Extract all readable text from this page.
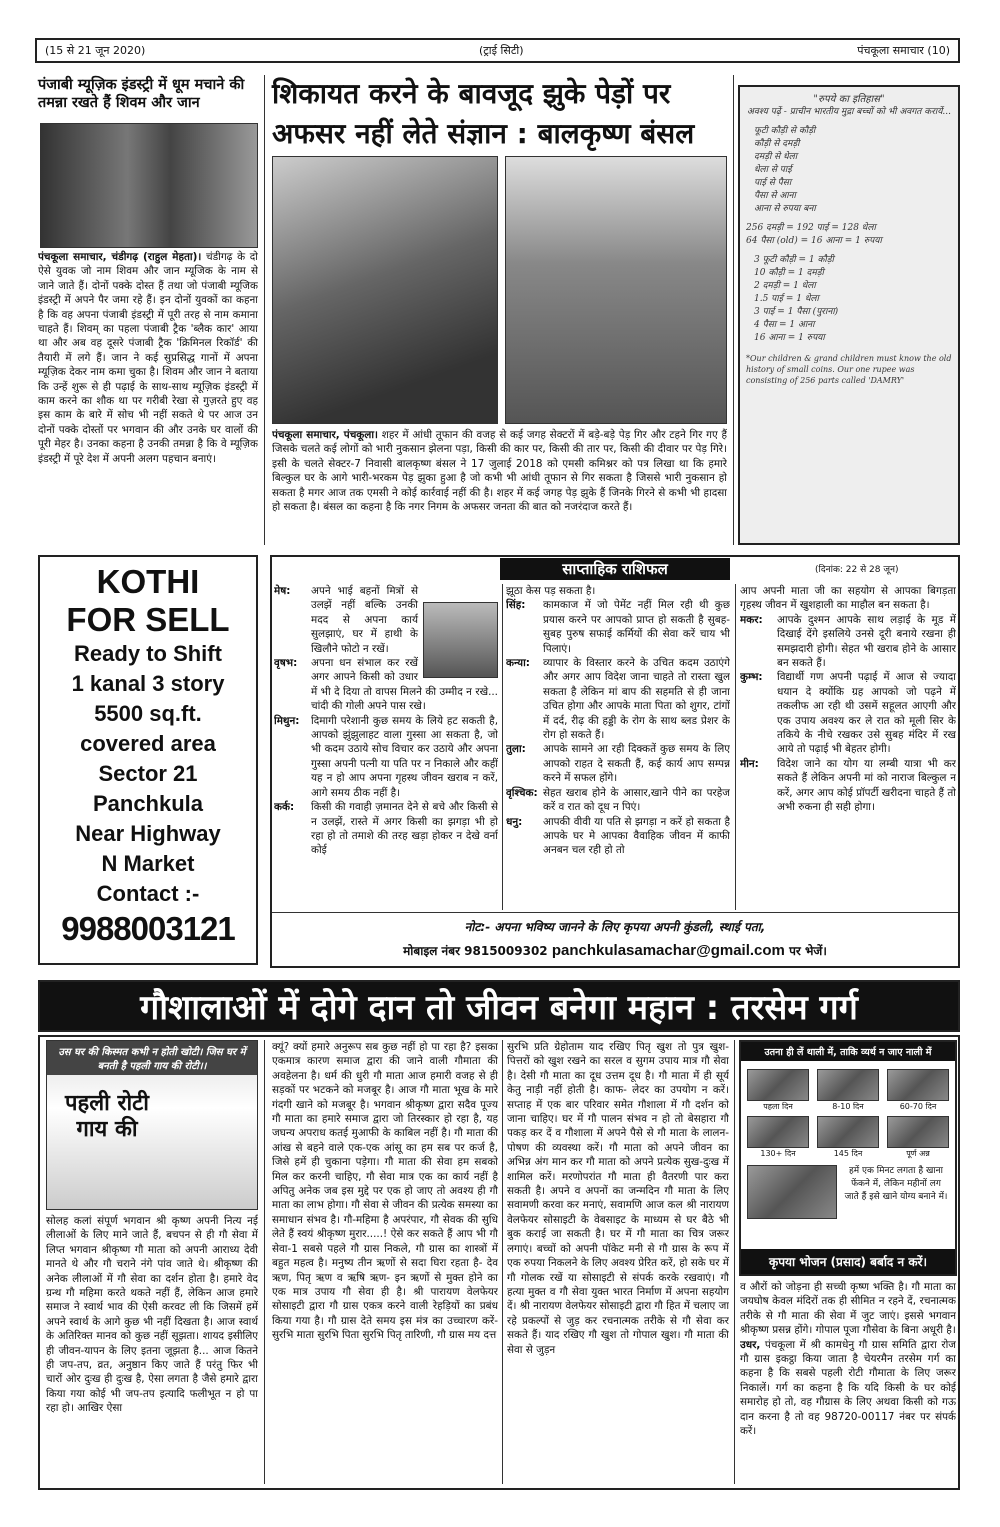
(15 से 21 जून 2020)	(ट्राई सिटी)	पंचकूला समाचार (10)
पंजाबी म्यूज़िक इंडस्ट्री में धूम मचाने की तमन्ना रखते हैं शिवम और जान
पंचकूला समाचार, चंडीगढ़ (राहुल मेहता)। चंडीगढ़ के दो ऐसे युवक जो नाम शिवम और जान म्यूजिक के नाम से जाने जाते हैं। दोनों पक्के दोस्त हैं तथा जो पंजाबी म्यूजिक इंडस्ट्री में अपने पैर जमा रहे हैं। इन दोनों युवकों का कहना है कि वह अपना पंजाबी इंडस्ट्री में पूरी तरह से नाम कमाना चाहते हैं। शिवम् का पहला पंजाबी ट्रैक 'ब्लैक कार' आया था और अब वह दूसरे पंजाबी ट्रैक 'क्रिमिनल रिकॉर्ड' की तैयारी में लगे हैं। जान ने कई सुप्रसिद्ध गानों में अपना म्यूज़िक देकर नाम कमा चुका है। शिवम और जान ने बताया कि उन्हें शुरू से ही पढ़ाई के साथ-साथ म्यूज़िक इंडस्ट्री में काम करने का शौक था पर गरीबी रेखा से गुज़रते हुए वह इस काम के बारे में सोच भी नहीं सकते थे पर आज उन दोनों पक्के दोस्तों पर भगवान की और उनके घर वालों की पूरी मेहर है। उनका कहना है उनकी तमन्ना है कि वे म्यूज़िक इंडस्ट्री में पूरे देश में अपनी अलग पहचान बनाएं।
शिकायत करने के बावजूद झुके पेड़ों पर अफसर नहीं लेते संज्ञान : बालकृष्ण बंसल
पंचकूला समाचार, पंचकूला। शहर में आंधी तूफान की वजह से कई जगह सेक्टरों में बड़े-बड़े पेड़ गिर और टहने गिर गए हैं जिसके चलते कई लोगों को भारी नुकसान झेलना पड़ा, किसी की कार पर, किसी की तार पर, किसी की दीवार पर पेड़ गिरे। इसी के चलते सेक्टर-7 निवासी बालकृष्ण बंसल ने 17 जुलाई 2018 को एमसी कमिश्नर को पत्र लिखा था कि हमारे बिल्कुल घर के आगे भारी-भरकम पेड़ झुका हुआ है जो कभी भी आंधी तूफान से गिर सकता है जिससे भारी नुकसान हो सकता है मगर आज तक एमसी ने कोई कार्रवाई नहीं की है। शहर में कई जगह पेड़ झुके हैं जिनके गिरने से कभी भी हादसा हो सकता है। बंसल का कहना है कि नगर निगम के अफसर जनता की बात को नजरंदाज करते हैं।
"रुपये का इतिहास"
अवश्य पढ़ें - प्राचीन भारतीय मुद्रा बच्चों को भी अवगत करायें...
फूटी कौड़ी से कौड़ी
कौड़ी से दमड़ी
दमड़ी से धेला
धेला से पाई
पाई से पैसा
पैसा से आना
आना से रुपया बना
256 दमड़ी = 192 पाई = 128 धेला
64 पैसा (old) = 16 आना = 1 रुपया
3 फूटी कौड़ी = 1 कौड़ी
10 कौड़ी = 1 दमड़ी
2 दमड़ी = 1 धेला
1.5 पाई = 1 धेला
3 पाई = 1 पैसा (पुराना)
4 पैसा = 1 आना
16 आना = 1 रुपया
*Our children & grand children must know the old history of small coins. Our one rupee was consisting of 256 parts called 'DAMRY'
KOTHI
FOR SELL
Ready to Shift
1 kanal 3 story
5500 sq.ft.
covered area
Sector 21
Panchkula
Near Highway
N Market
Contact :-
9988003121
साप्ताहिक राशिफल	(दिनांक: 22 से 28 जून)
मेष: अपने भाई बहनों मित्रों से उलझें नहीं बल्कि उनकी मदद से अपना कार्य सुलझाएं, घर में हाथी के खिलौने फोटो न रखें।
वृषभ: अपना धन संभाल कर रखें अगर आपने किसी को उधार में भी दे दिया तो वापस मिलने की उम्मीद न रखे... चांदी की गोली अपने पास रखे।
मिथुन: दिमागी परेशानी कुछ समय के लिये हट सकती है, आपको झुंझुलाहट वाला गुस्सा आ सकता है, जो भी कदम उठाये सोच विचार कर उठाये और अपना गुस्सा अपनी पत्नी या पति पर न निकाले और कहीं यह न हो आप अपना गृहस्थ जीवन खराब न करें, आगे समय ठीक नहीं है।
कर्क: किसी की गवाही ज़मानत देने से बचे और किसी से न उलझें, रास्ते में अगर किसी का झगड़ा भी हो रहा हो तो तमाशे की तरह खड़ा होकर न देखे वर्ना कोई
झूठा केस पड़ सकता है।
सिंह: कामकाज में जो पेमेंट नहीं मिल रही थी कुछ प्रयास करने पर आपको प्राप्त हो सकती है सुबह-सुबह पुरुष सफाई कर्मियों की सेवा करें चाय भी पिलाएं।
कन्या: व्यापार के विस्तार करने के उचित कदम उठाएंगे और अगर आप विदेश जाना चाहते तो रास्ता खुल सकता है लेकिन मां बाप की सहमति से ही जाना उचित होगा और आपके माता पिता को शुगर, टांगों में दर्द, रीढ़ की हड्डी के रोग के साथ ब्लड प्रेशर के रोग हो सकते हैं।
तुला: आपके सामने आ रही दिक्कतें कुछ समय के लिए आपको राहत दे सकती हैं, कई कार्य आप सम्पन्न करने में सफल होंगे।
वृश्चिक: सेहत खराब होने के आसार,खाने पीने का परहेज करें व रात को दूध न पिएं।
धनु: आपकी वीवी या पति से झगड़ा न करें हो सकता है आपके घर मे आपका वैवाहिक जीवन में काफी अनबन चल रही हो तो
आप अपनी माता जी का सहयोग से आपका बिगड़ता गृहस्थ जीवन में खुशहाली का माहौल बन सकता है।
मकर: आपके दुश्मन आपके साथ लड़ाई के मूड में दिखाई देंगे इसलिये उनसे दूरी बनाये रखना ही समझदारी होगी। सेहत भी खराब होने के आसार बन सकते हैं।
कुम्भ: विद्यार्थी गण अपनी पढ़ाई में आज से ज्यादा धयान दे क्योंकि ग्रह आपको जो पढ़ने में तकलीफ आ रही थी उसमें सहूलत आएगी और एक उपाय अवश्य कर ले रात को मूली सिर के तकिये के नीचे रखकर उसे सुबह मंदिर में रख आये तो पढ़ाई भी बेहतर होगी।
मीन: विदेश जाने का योग या लम्बी यात्रा भी कर सकते हैं लेकिन अपनी मां को नाराज बिल्कुल न करें, अगर आप कोई प्रॉपर्टी खरीदना चाहते हैं तो अभी रुकना ही सही होगा।
नोट:- अपना भविष्य जानने के लिए कृपया अपनी कुंडली, स्थाई पता,
मोबाइल नंबर 9815009302 panchkulasamachar@gmail.com पर भेजें।
गौशालाओं में दोगे दान तो जीवन बनेगा महान : तरसेम गर्ग
उस घर की किस्मत कभी न होती खोटी। जिस घर में बनती है पहली गाय की रोटी।।
पहली रोटी गाय की
सोलह कलां संपूर्ण भगवान श्री कृष्ण अपनी नित्य नई लीलाओं के लिए माने जाते हैं, बचपन से ही गौ सेवा में लिप्त भगवान श्रीकृष्ण गौ माता को अपनी आराध्य देवी मानते थे और गौ चराने नंगे पांव जाते थे। श्रीकृष्ण की अनेक लीलाओं में गौ सेवा का दर्शन होता है। हमारे वेद ग्रन्थ गौ महिमा करते थकते नहीं हैं, लेकिन आज हमारे समाज ने स्वार्थ भाव की ऐसी करवट ली कि जिसमें हमें अपने स्वार्थ के आगे कुछ भी नहीं दिखता है। आज स्वार्थ के अतिरिक्त मानव को कुछ नहीं सूझता। शायद इसीलिए ही जीवन-यापन के लिए इतना जूझता है... आज कितने ही जप-तप, व्रत, अनुष्ठान किए जाते हैं परंतु फिर भी चारों ओर दुःख ही दुःख है, ऐसा लगता है जैसे हमारे द्वारा किया गया कोई भी जप-तप इत्यादि फलीभूत न हो पा रहा हो। आखिर ऐसा
क्यूं? क्यों हमारे अनुरूप सब कुछ नहीं हो पा रहा है? इसका एकमात्र कारण समाज द्वारा की जाने वाली गौमाता की अवहेलना है। धर्म की धुरी गौ माता आज हमारी वजह से ही सड़कों पर भटकने को मजबूर है। आज गौ माता भूख के मारे गंदगी खाने को मजबूर है। भगवान श्रीकृष्ण द्वारा सदैव पूज्य गौ माता का हमारे समाज द्वारा जो तिरस्कार हो रहा है, यह जघन्य अपराध कतई मुआफी के काबिल नहीं है। गौ माता की आंख से बहने वाले एक-एक आंसू का हम सब पर कर्ज है, जिसे हमें ही चुकाना पड़ेगा। गौ माता की सेवा हम सबको मिल कर करनी चाहिए, गौ सेवा मात्र एक का कार्य नहीं है अपितु अनेक जब इस मुद्दे पर एक हो जाए तो अवश्य ही गौ माता का लाभ होगा। गौ सेवा से जीवन की प्रत्येक समस्या का समाधान संभव है। गौ-महिमा है अपरंपार, गौ सेवक की सुधि लेते हैं स्वयं श्रीकृष्ण मुरार.....! ऐसे कर सकते हैं आप भी गौ सेवा-1 सबसे पहले गौ ग्रास निकले, गौ ग्रास का शास्त्रों में बहुत महत्व है। मनुष्य तीन ऋणों से सदा घिरा रहता है- देव ऋण, पितृ ऋण व ऋषि ऋण- इन ऋणों से मुक्त होने का एक मात्र उपाय गौ सेवा ही है। श्री पारायण वेलफेयर सोसाइटी द्वारा गौ ग्रास एकत्र करने वाली रेहड़ियों का प्रबंध किया गया है। गौ ग्रास देते समय इस मंत्र का उच्चारण करें- सुरभि माता सुरभि पिता सुरभि पितृ तारिणी, गौ ग्रास मय दत्त
सुरभि प्रति ग्रेहोताम याद रखिए पितृ खुश तो पुत्र खुश- पित्तरों को खुश रखने का सरल व सुगम उपाय मात्र गौ सेवा है। देसी गौ माता का दूध उत्तम दूध है। गौ माता में ही सूर्य केतु नाड़ी नहीं होती है। काफ- लेदर का उपयोग न करें। सप्ताह में एक बार परिवार समेत गौशाला में गौ दर्शन को जाना चाहिए। घर में गौ पालन संभव न हो तो बेसहारा गौ पकड़ कर दें व गौशाला में अपने पैसे से गौ माता के लालन-पोषण की व्यवस्था करें। गौ माता को अपने जीवन का अभिन्न अंग मान कर गौ माता को अपने प्रत्येक सुख-दुःख में शामिल करें। मरणोपरांत गौ माता ही वैतरणी पार करा सकती है। अपने व अपनों का जन्मदिन गौ माता के लिए सवामणी करवा कर मनाएं, सवामणि आज कल श्री नारायण वेलफेयर सोसाइटी के वेबसाइट के माध्यम से घर बैठे भी बुक कराई जा सकती है। घर में गौ माता का चित्र जरूर लगाएं। बच्चों को अपनी पॉकेट मनी से गौ ग्रास के रूप में एक रुपया निकलने के लिए अवश्य प्रेरित करें, हो सके घर में गौ गोलक रखें या सोसाइटी से संपर्क करके रखवाएं। गौ हत्या मुक्त व गौ सेवा युक्त भारत निर्माण में अपना सहयोग दें। श्री नारायण वेलफेयर सोसाइटी द्वारा गौ हित में चलाए जा रहे प्रकल्पों से जुड़ कर रचनात्मक तरीके से गौ सेवा कर सकते हैं। याद रखिए गौ खुश तो गोपाल खुश। गौ माता की सेवा से जुड़न
उतना ही लें थाली में, ताकि व्यर्थ न जाए नाली में
पहला दिन	8-10 दिन	60-70 दिन
130+ दिन	145 दिन	पूर्ण अन्न
हमें एक मिनट लगता है खाना फेंकने में, लेकिन महीनों लग जाते हैं इसे खाने योग्य बनाने में।
कृपया भोजन (प्रसाद) बर्बाद न करें।
व औरों को जोड़ना ही सच्ची कृष्ण भक्ति है। गौ माता का जयघोष केवल मंदिरों तक ही सीमित न रहने दें, रचनात्मक तरीके से गौ माता की सेवा में जुट जाएं। इससे भगवान श्रीकृष्ण प्रसन्न होंगे। गोपाल पूजा गौसेवा के बिना अधूरी है।
उधर, पंचकूला में श्री कामधेनु गौ ग्रास समिति द्वारा रोज गौ ग्रास इकट्ठा किया जाता है चेयरमैन तरसेम गर्ग का कहना है कि सबसे पहली रोटी गौमाता के लिए जरूर निकालें। गर्ग का कहना है कि यदि किसी के घर कोई समारोह हो तो, वह गौग्रास के लिए अथवा किसी को गऊ दान करना है तो वह 98720-00117 नंबर पर संपर्क करें।
